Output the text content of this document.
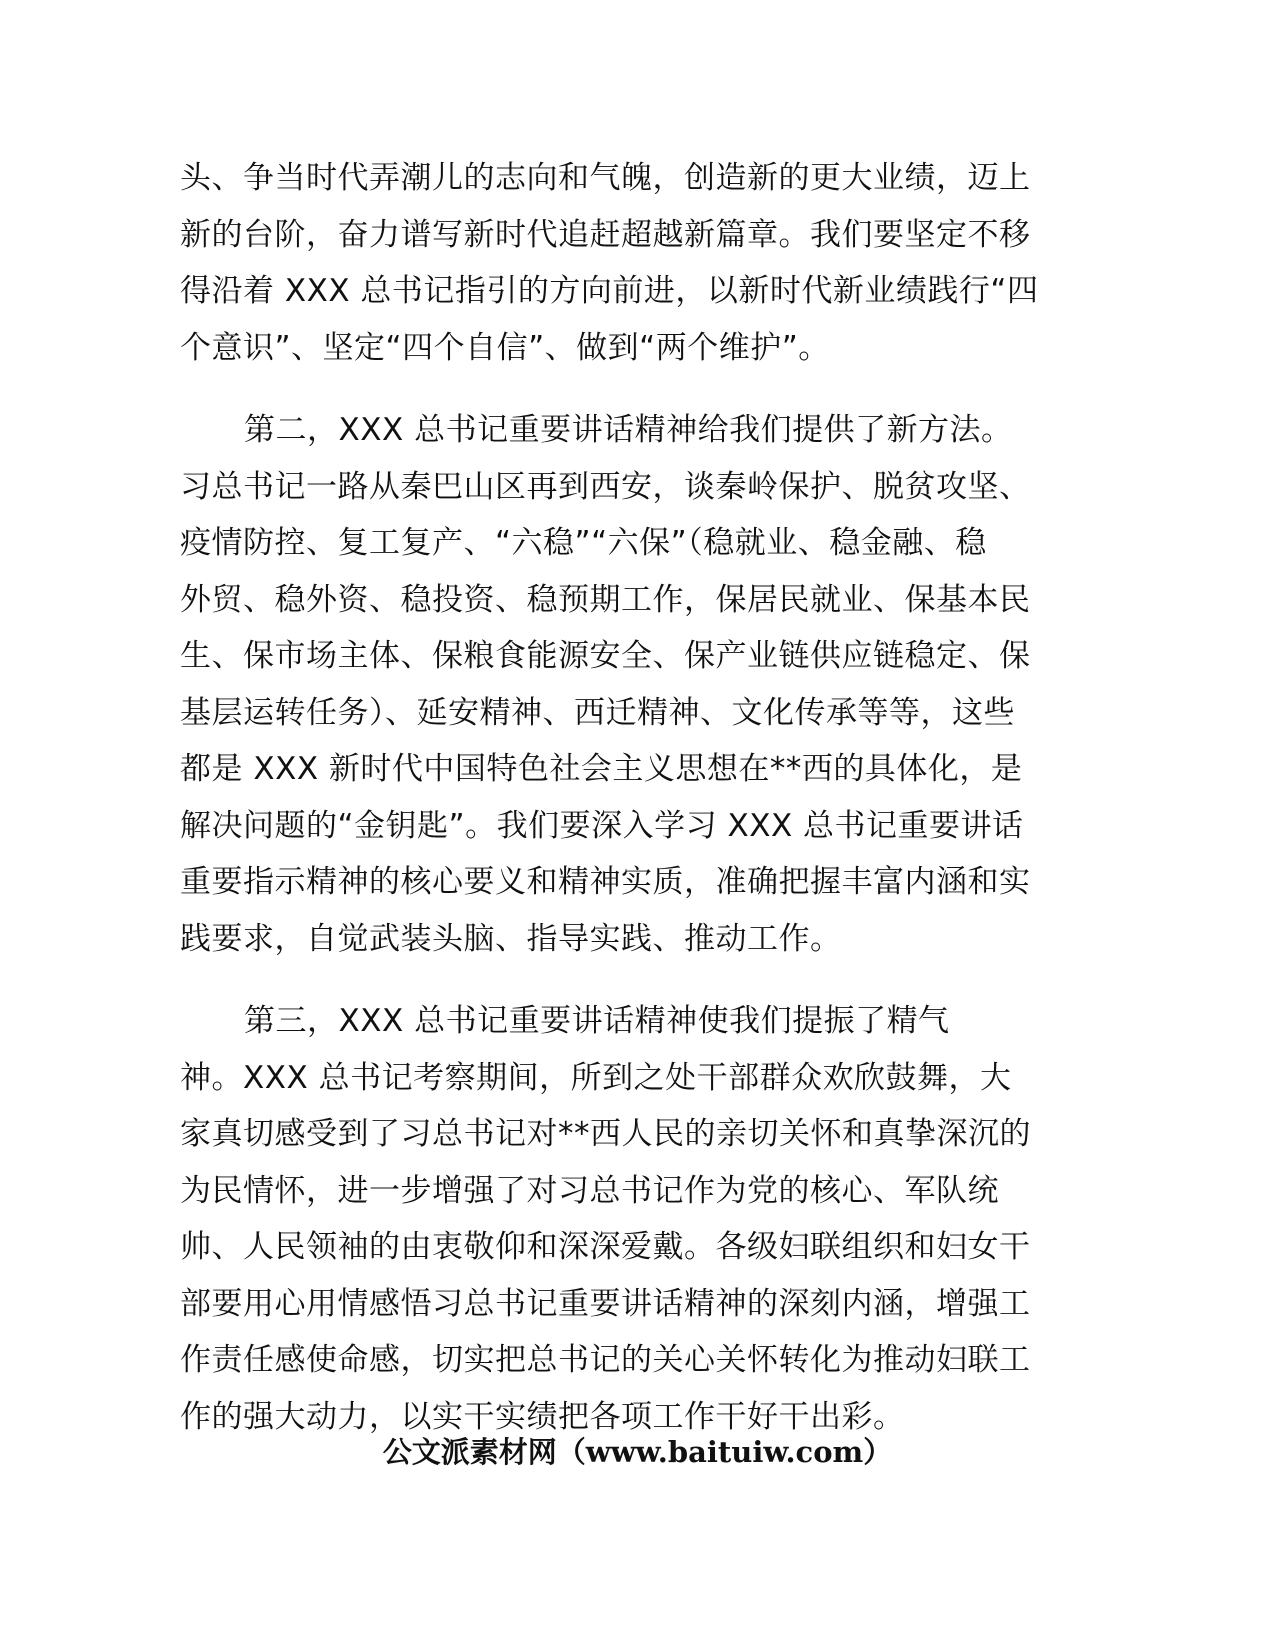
头、争当时代弄潮儿的志向和气魄，创造新的更大业绩，迈上
新的台阶，奋力谱写新时代追赶超越新篇章。我们要坚定不移
得沿着 XXX 总书记指引的方向前进，以新时代新业绩践行“四
个意识”、坚定“四个自信”、做到“两个维护”。
第二，XXX 总书记重要讲话精神给我们提供了新方法。
习总书记一路从秦巴山区再到西安，谈秦岭保护、脱贫攻坚、
疫情防控、复工复产、“六稳”“六保”（稳就业、稳金融、稳
外贸、稳外资、稳投资、稳预期工作，保居民就业、保基本民
生、保市场主体、保粮食能源安全、保产业链供应链稳定、保
基层运转任务）、延安精神、西迁精神、文化传承等等，这些
都是 XXX 新时代中国特色社会主义思想在**西的具体化，是
解决问题的“金钥匙”。我们要深入学习 XXX 总书记重要讲话
重要指示精神的核心要义和精神实质，准确把握丰富内涵和实
践要求，自觉武装头脑、指导实践、推动工作。
第三，XXX 总书记重要讲话精神使我们提振了精气
神。XXX 总书记考察期间，所到之处干部群众欢欣鼓舞，大
家真切感受到了习总书记对**西人民的亲切关怀和真挚深沉的
为民情怀，进一步增强了对习总书记作为党的核心、军队统
帅、人民领袖的由衷敬仰和深深爱戴。各级妇联组织和妇女干
部要用心用情感悟习总书记重要讲话精神的深刻内涵，增强工
作责任感使命感，切实把总书记的关心关怀转化为推动妇联工
作的强大动力，以实干实绩把各项工作干好干出彩。
公文派素材网（www.baituiw.com）
